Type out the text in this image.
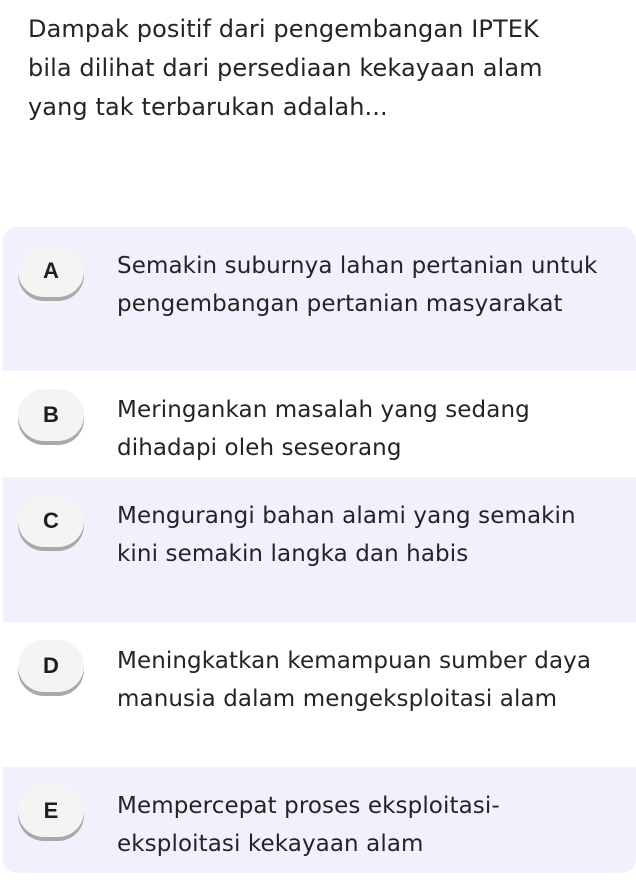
Dampak positif dari pengembangan IPTEK bila dilihat dari persediaan kekayaan alam yang tak terbarukan adalah...

A	Semakin suburnya lahan pertanian untuk pengembangan pertanian masyarakat
B	Meringankan masalah yang sedang dihadapi oleh seseorang
C	Mengurangi bahan alami yang semakin kini semakin langka dan habis
D	Meningkatkan kemampuan sumber daya manusia dalam mengeksploitasi alam
E	Mempercepat proses eksploitasi-eksploitasi kekayaan alam
